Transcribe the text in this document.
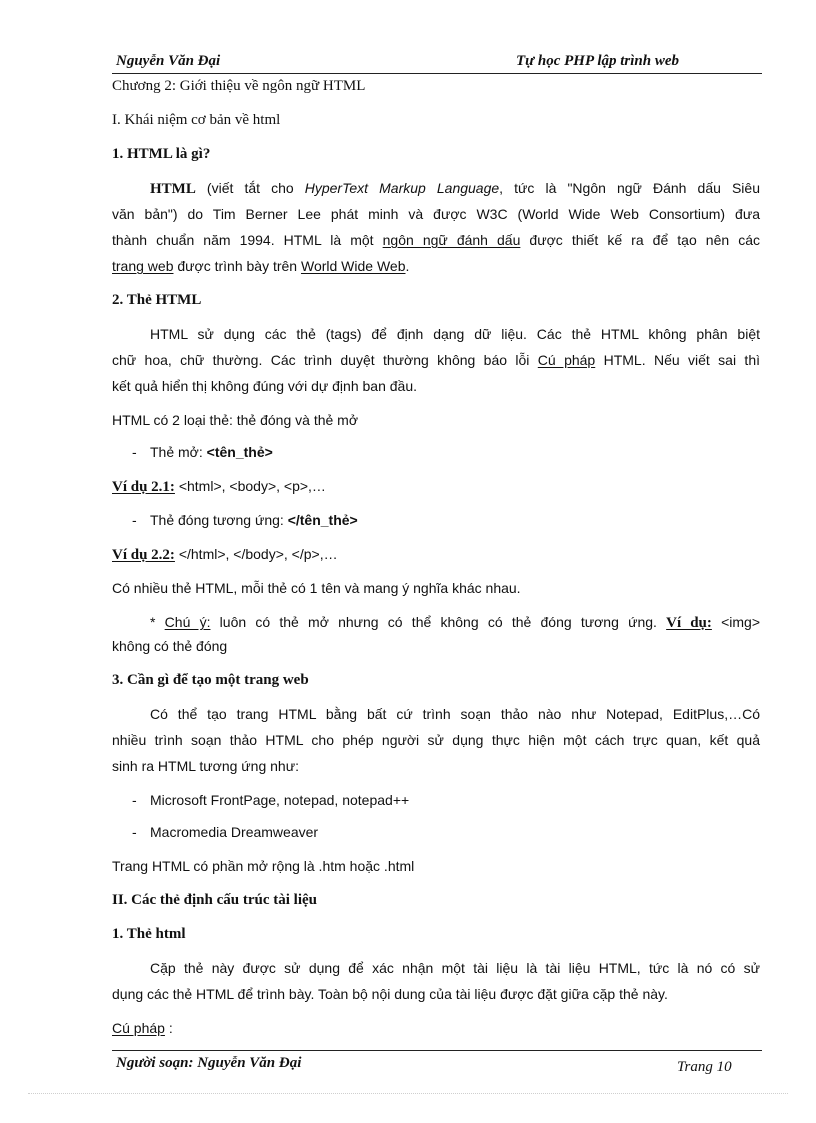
Nguyễn Văn Đại	Tự học PHP lập trình web
Chương 2: Giới thiệu về ngôn ngữ HTML
I. Khái niệm cơ bản về html
1. HTML là gì?
HTML (viết tắt cho HyperText Markup Language, tức là "Ngôn ngữ Đánh dấu Siêu
văn bản") do Tim Berner Lee phát minh và được W3C (World Wide Web Consortium) đưa
thành chuẩn năm 1994. HTML là một ngôn ngữ đánh dấu được thiết kế ra để tạo nên các
trang web được trình bày trên World Wide Web.
2. Thẻ HTML
HTML sử dụng các thẻ (tags) để định dạng dữ liệu. Các thẻ HTML không phân biệt
chữ hoa, chữ thường. Các trình duyệt thường không báo lỗi Cú pháp HTML. Nếu viết sai thì
kết quả hiển thị không đúng với dự định ban đầu.
HTML có 2 loại thẻ: thẻ đóng và thẻ mở
- Thẻ mở: <tên_thẻ>
Ví dụ 2.1: <html>, <body>, <p>,…
- Thẻ đóng tương ứng: </tên_thẻ>
Ví dụ 2.2: </html>, </body>, </p>,…
Có nhiều thẻ HTML, mỗi thẻ có 1 tên và mang ý nghĩa khác nhau.
* Chú ý: luôn có thẻ mở nhưng có thể không có thẻ đóng tương ứng. Ví dụ: <img>
không có thẻ đóng
3. Cần gì để tạo một trang web
Có thể tạo trang HTML bằng bất cứ trình soạn thảo nào như Notepad, EditPlus,…Có
nhiều trình soạn thảo HTML cho phép người sử dụng thực hiện một cách trực quan, kết quả
sinh ra HTML tương ứng như:
- Microsoft FrontPage, notepad, notepad++
- Macromedia Dreamweaver
Trang HTML có phần mở rộng là .htm hoặc .html
II. Các thẻ định cấu trúc tài liệu
1. Thẻ html
Cặp thẻ này được sử dụng để xác nhận một tài liệu là tài liệu HTML, tức là nó có sử
dụng các thẻ HTML để trình bày. Toàn bộ nội dung của tài liệu được đặt giữa cặp thẻ này.
Cú pháp :
Người soạn: Nguyễn Văn Đại	Trang 10
